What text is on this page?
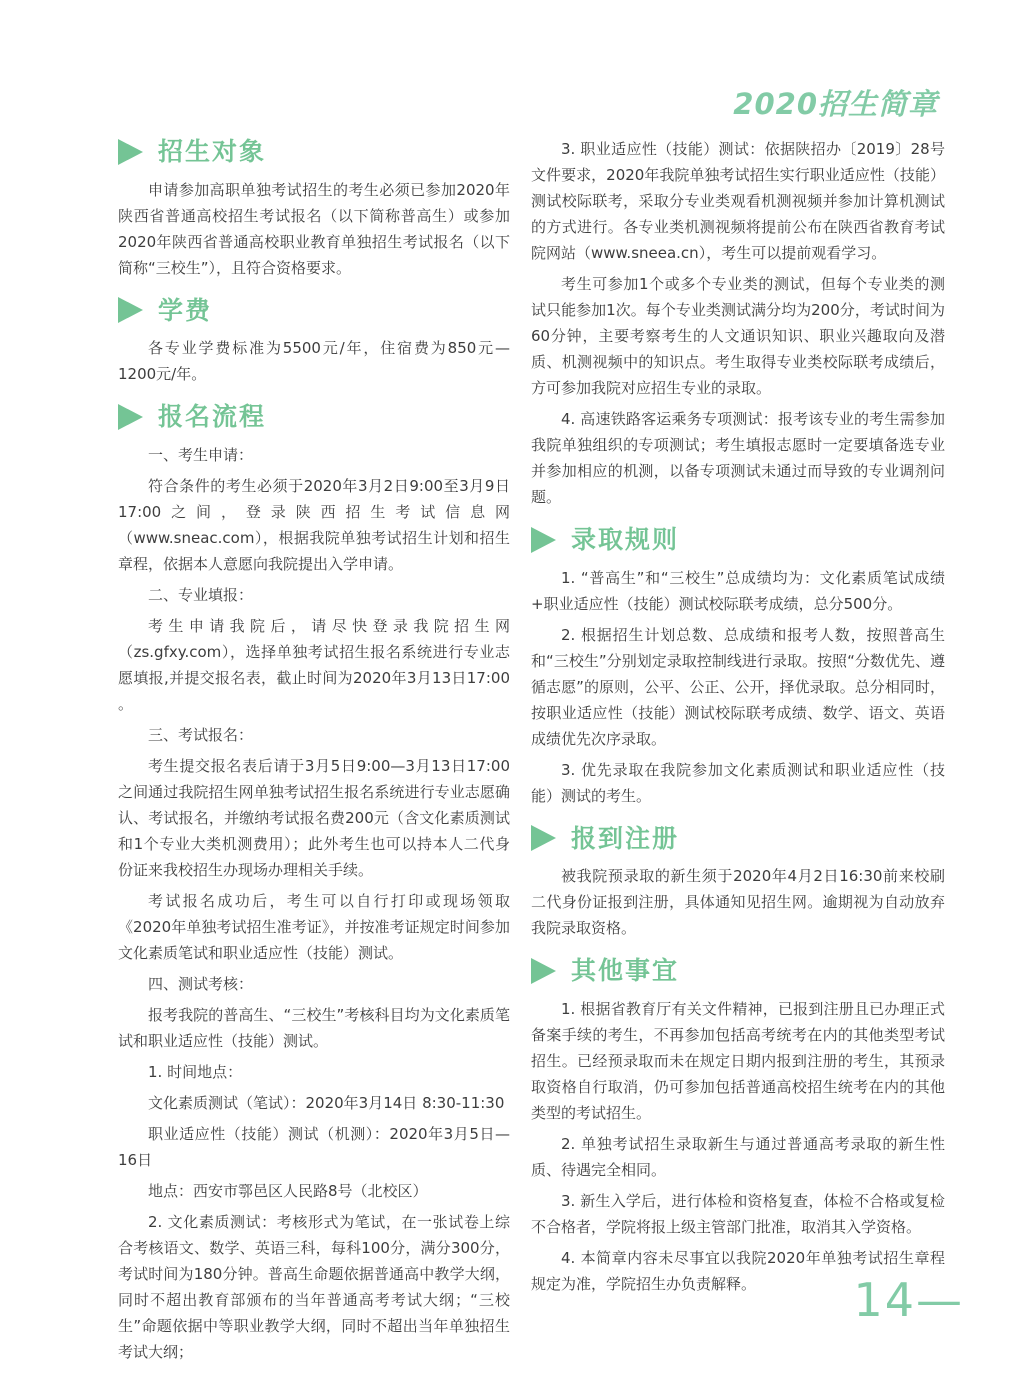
2020招生简章
招生对象

申请参加高职单独考试招生的考生必须已参加2020年陕西省普通高校招生考试报名（以下简称普高生）或参加2020年陕西省普通高校职业教育单独招生考试报名（以下简称“三校生”），且符合资格要求。

学费

各专业学费标准为5500元/年，住宿费为850元—1200元/年。

报名流程

一、考生申请：

符合条件的考生必须于2020年3月2日9:00至3月9日17:00之间，登录陕西招生考试信息网（www.sneac.com），根据我院单独考试招生计划和招生章程，依据本人意愿向我院提出入学申请。

二、专业填报：

考生申请我院后，请尽快登录我院招生网（zs.gfxy.com），选择单独考试招生报名系统进行专业志愿填报,并提交报名表，截止时间为2020年3月13日17:00 。

三、考试报名：

考生提交报名表后请于3月5日9:00—3月13日17:00之间通过我院招生网单独考试招生报名系统进行专业志愿确认、考试报名，并缴纳考试报名费200元（含文化素质测试和1个专业大类机测费用）；此外考生也可以持本人二代身份证来我校招生办现场办理相关手续。

考试报名成功后，考生可以自行打印或现场领取《2020年单独考试招生准考证》，并按准考证规定时间参加文化素质笔试和职业适应性（技能）测试。

四、测试考核：

报考我院的普高生、“三校生”考核科目均为文化素质笔试和职业适应性（技能）测试。

1. 时间地点：

文化素质测试（笔试）：2020年3月14日 8:30-11:30

职业适应性（技能）测试（机测）：2020年3月5日—16日

地点：西安市鄠邑区人民路8号（北校区）

2. 文化素质测试：考核形式为笔试，在一张试卷上综合考核语文、数学、英语三科，每科100分，满分300分，考试时间为180分钟。普高生命题依据普通高中教学大纲，同时不超出教育部颁布的当年普通高考考试大纲；“三校生”命题依据中等职业教学大纲，同时不超出当年单独招生考试大纲；

3. 职业适应性（技能）测试：依据陕招办〔2019〕28号文件要求，2020年我院单独考试招生实行职业适应性（技能）测试校际联考，采取分专业类观看机测视频并参加计算机测试的方式进行。各专业类机测视频将提前公布在陕西省教育考试院网站（www.sneea.cn），考生可以提前观看学习。

考生可参加1个或多个专业类的测试，但每个专业类的测试只能参加1次。每个专业类测试满分均为200分，考试时间为60分钟，主要考察考生的人文通识知识、职业兴趣取向及潜质、机测视频中的知识点。考生取得专业类校际联考成绩后，方可参加我院对应招生专业的录取。

4. 高速铁路客运乘务专项测试：报考该专业的考生需参加我院单独组织的专项测试；考生填报志愿时一定要填备选专业并参加相应的机测，以备专项测试未通过而导致的专业调剂问题。

录取规则

1. “普高生”和“三校生”总成绩均为：文化素质笔试成绩+职业适应性（技能）测试校际联考成绩，总分500分。

2. 根据招生计划总数、总成绩和报考人数，按照普高生和“三校生”分别划定录取控制线进行录取。按照“分数优先、遵循志愿”的原则，公平、公正、公开，择优录取。总分相同时，按职业适应性（技能）测试校际联考成绩、数学、语文、英语成绩优先次序录取。

3. 优先录取在我院参加文化素质测试和职业适应性（技能）测试的考生。

报到注册

被我院预录取的新生须于2020年4月2日16:30前来校刷二代身份证报到注册，具体通知见招生网。逾期视为自动放弃我院录取资格。

其他事宜

1. 根据省教育厅有关文件精神，已报到注册且已办理正式备案手续的考生，不再参加包括高考统考在内的其他类型考试招生。已经预录取而未在规定日期内报到注册的考生，其预录取资格自行取消，仍可参加包括普通高校招生统考在内的其他类型的考试招生。

2. 单独考试招生录取新生与通过普通高考录取的新生性质、待遇完全相同。

3. 新生入学后，进行体检和资格复查，体检不合格或复检不合格者，学院将报上级主管部门批准，取消其入学资格。

4. 本简章内容未尽事宜以我院2020年单独考试招生章程规定为准，学院招生办负责解释。	14—
